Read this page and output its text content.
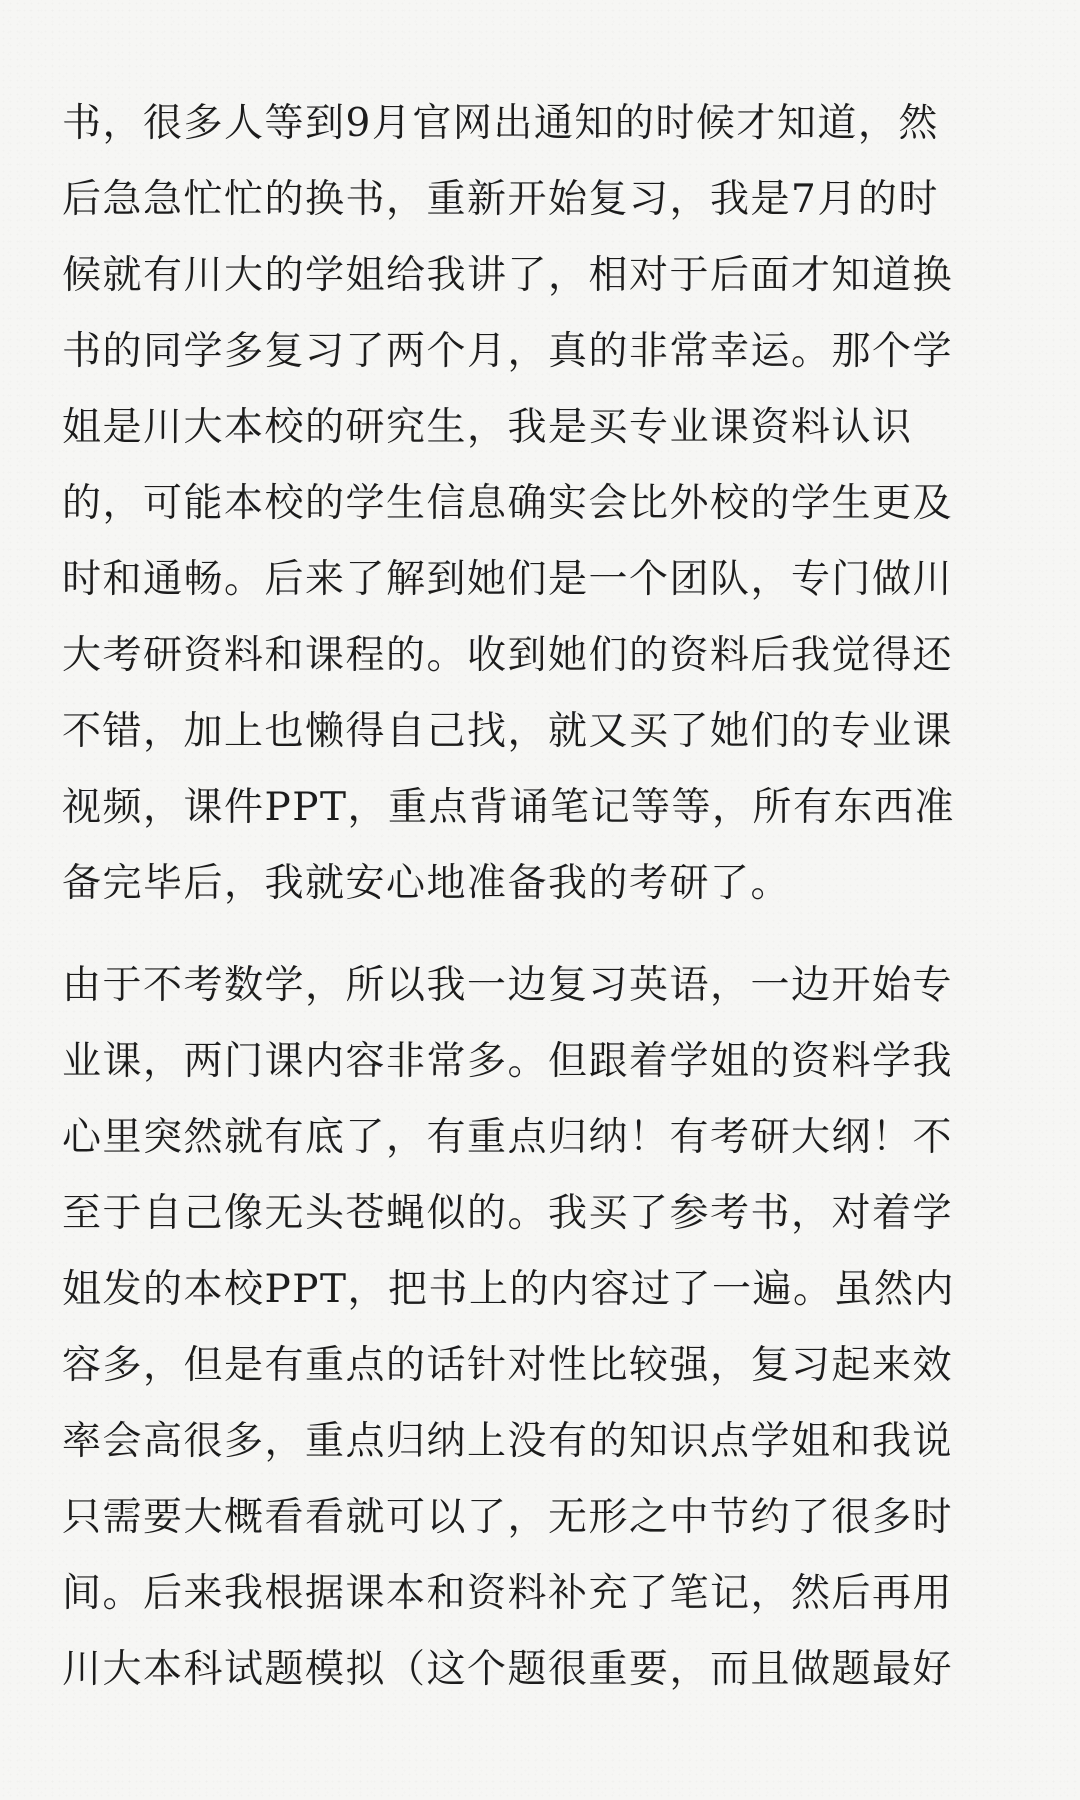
书，很多人等到9月官网出通知的时候才知道，然
后急急忙忙的换书，重新开始复习，我是7月的时
候就有川大的学姐给我讲了，相对于后面才知道换
书的同学多复习了两个月，真的非常幸运。那个学
姐是川大本校的研究生，我是买专业课资料认识
的，可能本校的学生信息确实会比外校的学生更及
时和通畅。后来了解到她们是一个团队，专门做川
大考研资料和课程的。收到她们的资料后我觉得还
不错，加上也懒得自己找，就又买了她们的专业课
视频，课件PPT，重点背诵笔记等等，所有东西准
备完毕后，我就安心地准备我的考研了。
由于不考数学，所以我一边复习英语，一边开始专
业课，两门课内容非常多。但跟着学姐的资料学我
心里突然就有底了，有重点归纳！有考研大纲！不
至于自己像无头苍蝇似的。我买了参考书，对着学
姐发的本校PPT，把书上的内容过了一遍。虽然内
容多，但是有重点的话针对性比较强，复习起来效
率会高很多，重点归纳上没有的知识点学姐和我说
只需要大概看看就可以了，无形之中节约了很多时
间。后来我根据课本和资料补充了笔记，然后再用
川大本科试题模拟（这个题很重要，而且做题最好
